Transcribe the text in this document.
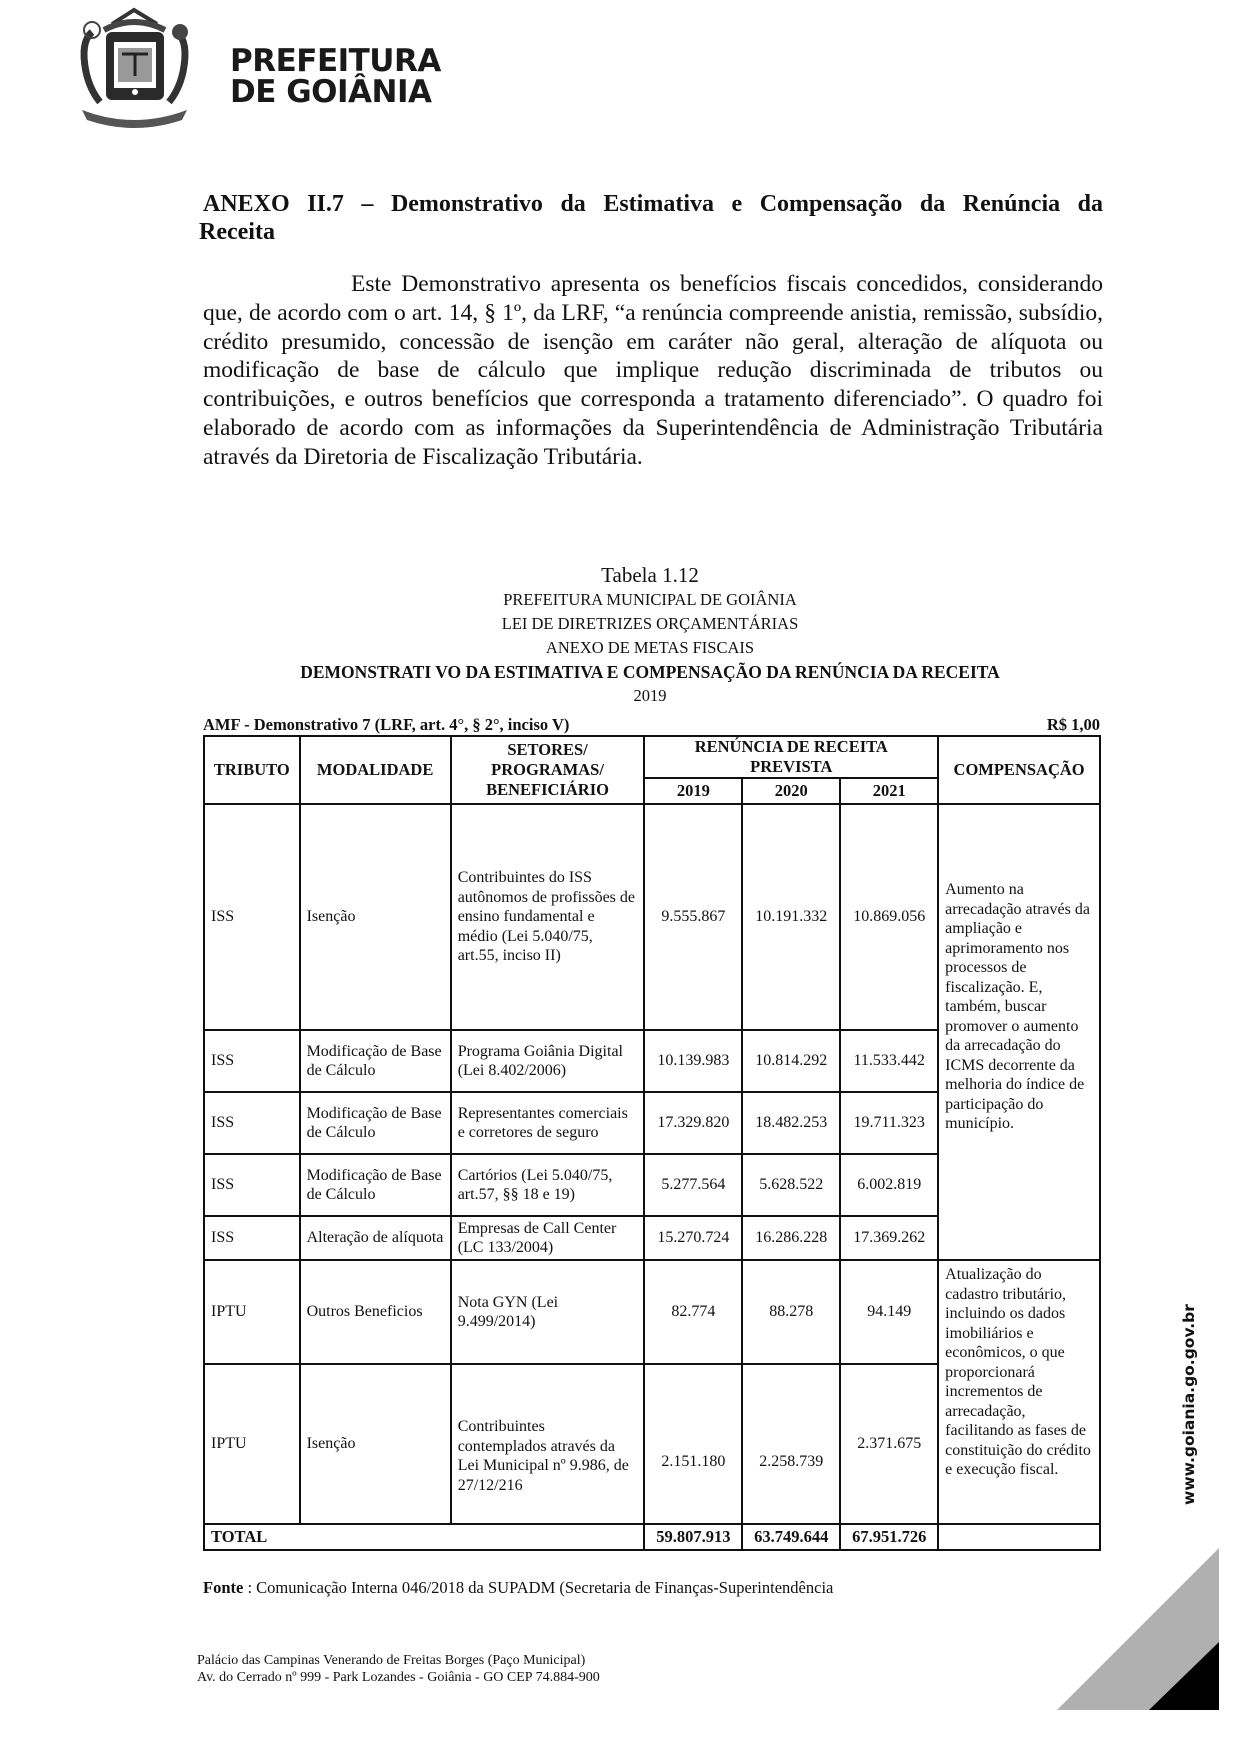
PREFEITURA
DE GOIÂNIA
ANEXO II.7 – Demonstrativo da Estimativa e Compensação da Renúncia da
Receita
Este Demonstrativo apresenta os benefícios fiscais concedidos, considerando que, de acordo com o art. 14, § 1º, da LRF, “a renúncia compreende anistia, remissão, subsídio, crédito presumido, concessão de isenção em caráter não geral, alteração de alíquota ou modificação de base de cálculo que implique redução discriminada de tributos ou contribuições, e outros benefícios que corresponda a tratamento diferenciado”. O quadro foi elaborado de acordo com as informações da Superintendência de Administração Tributária através da Diretoria de Fiscalização Tributária.
Tabela 1.12
PREFEITURA MUNICIPAL DE GOIÂNIA
LEI DE DIRETRIZES ORÇAMENTÁRIAS
ANEXO DE METAS FISCAIS
DEMONSTRATI VO DA ESTIMATIVA E COMPENSAÇÃO DA RENÚNCIA DA RECEITA
2019
AMF - Demonstrativo 7 (LRF, art. 4°, § 2°, inciso V)	R$ 1,00
TRIBUTO	MODALIDADE	SETORES/ PROGRAMAS/ BENEFICIÁRIO	RENÚNCIA DE RECEITA PREVISTA			COMPENSAÇÃO
			2019	2020	2021	
ISS	Isenção	Contribuintes do ISS autônomos de profissões de ensino fundamental e médio (Lei 5.040/75, art.55, inciso II)	9.555.867	10.191.332	10.869.056	Aumento na arrecadação através da ampliação e aprimoramento nos processos de fiscalização. E, também, buscar promover o aumento da arrecadação do ICMS decorrente da melhoria do índice de participação do município.
ISS	Modificação de Base de Cálculo	Programa Goiânia Digital (Lei 8.402/2006)	10.139.983	10.814.292	11.533.442	
ISS	Modificação de Base de Cálculo	Representantes comerciais e corretores de seguro	17.329.820	18.482.253	19.711.323	
ISS	Modificação de Base de Cálculo	Cartórios (Lei 5.040/75, art.57, §§ 18 e 19)	5.277.564	5.628.522	6.002.819	
ISS	Alteração de alíquota	Empresas de Call Center (LC 133/2004)	15.270.724	16.286.228	17.369.262	
IPTU	Outros Beneficios	Nota GYN (Lei 9.499/2014)	82.774	88.278	94.149	Atualização do cadastro tributário, incluindo os dados imobiliários e econômicos, o que proporcionará incrementos de arrecadação, facilitando as fases de constituição do crédito e execução fiscal.
IPTU	Isenção	Contribuintes contemplados através da Lei Municipal nº 9.986, de 27/12/216	2.151.180	2.258.739	2.371.675	
TOTAL			59.807.913	63.749.644	67.951.726	
Fonte : Comunicação Interna 046/2018 da SUPADM (Secretaria de Finanças-Superintendência
Palácio das Campinas Venerando de Freitas Borges (Paço Municipal)
Av. do Cerrado nº 999 - Park Lozandes - Goiânia - GO CEP 74.884-900
www.goiania.go.gov.br
